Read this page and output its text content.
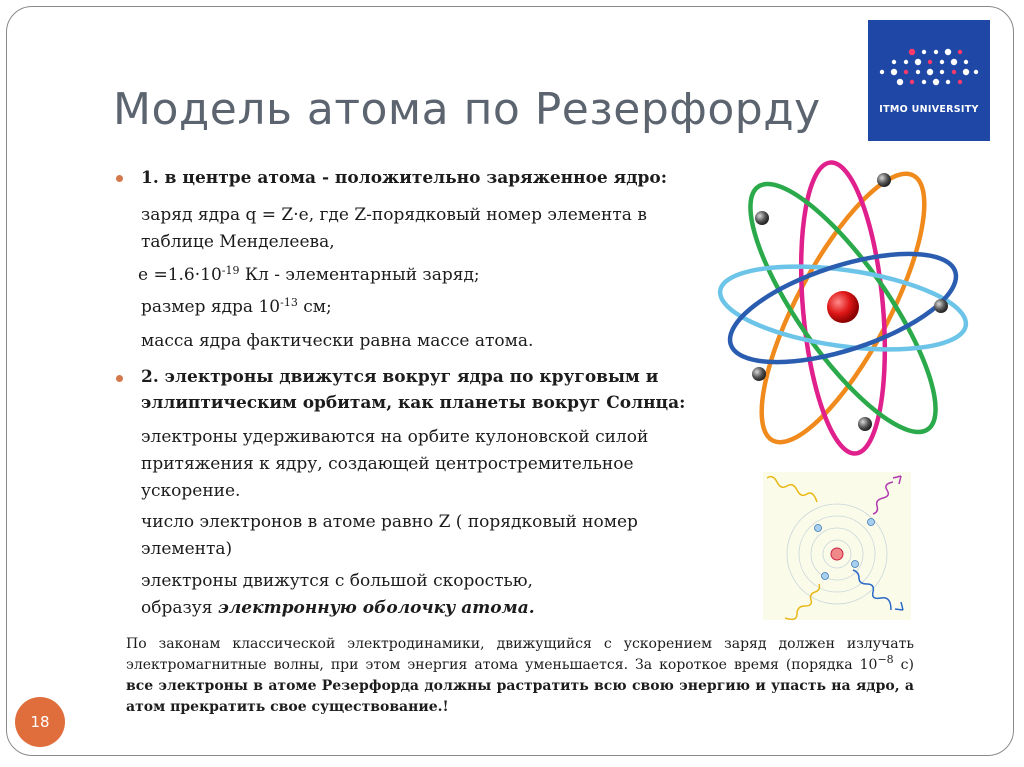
Модель атома по Резерфорду	ITMO UNIVERSITY

1. в центре атома - положительно заряженное ядро:

заряд ядра q = Z·e, где Z-порядковый номер элемента в

таблице Менделеева,

$е =1.6\cdot 10^{-19}$ Кл - элементарный заряд;

размер ядра $10^{-13}$ см;

масса ядра фактически равна массе атома.

2. электроны движутся вокруг ядра по круговым и

эллиптическим орбитам, как планеты вокруг Солнца:

электроны удерживаются на орбите кулоновской силой

притяжения к ядру, создающей центростремительное

ускорение.

число электронов в атоме равно Z ( порядковый номер

элемента)

электроны движутся с большой скоростью,

образуя электронную оболочку атома.

По законам классической электродинамики, движущийся с ускорением заряд должен излучать электромагнитные волны, при этом энергия атома уменьшается. За короткое время (порядка $10^{-8}$ с) все электроны в атоме Резерфорда должны растратить всю свою энергию и упасть на ядро, а атом прекратить свое существование.!

18
